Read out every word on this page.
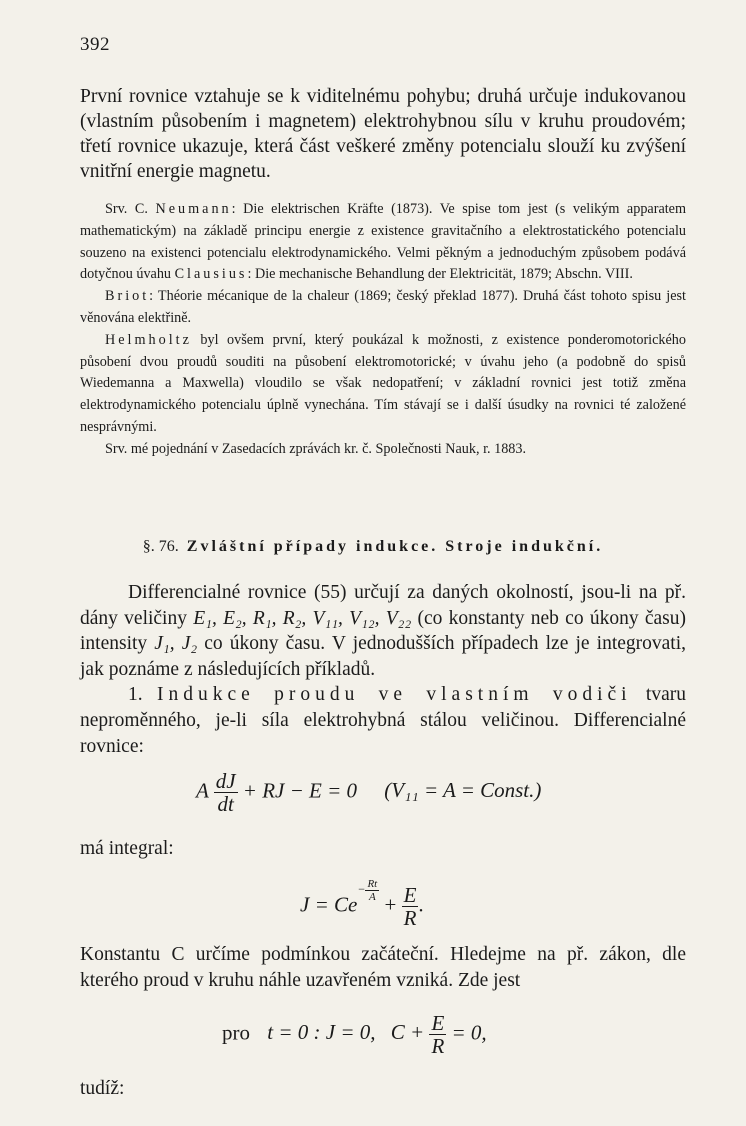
392

První rovnice vztahuje se k viditelnému pohybu; druhá určuje indukovanou (vlastním působením i magnetem) elektrohybnou sílu v kruhu proudovém; třetí rovnice ukazuje, která část veškeré změny potencialu slouží ku zvýšení vnitřní energie magnetu.

Srv. C. Neumann: Die elektrischen Kräfte (1873). Ve spise tom jest (s velikým apparatem mathematickým) na základě principu energie z existence gravitačního a elektrostatického potencialu souzeno na existenci potencialu elektrodynamického. Velmi pěkným a jednoduchým způsobem podává dotyčnou úvahu Clausius: Die mechanische Behandlung der Elektricität, 1879; Abschn. VIII.

Briot: Théorie mécanique de la chaleur (1869; český překlad 1877). Druhá část tohoto spisu jest věnována elektřině.

Helmholtz byl ovšem první, který poukázal k možnosti, z existence ponderomotorického působení dvou proudů souditi na působení elektromotorické; v úvahu jeho (a podobně do spisů Wiedemanna a Maxwella) vloudilo se však nedopatření; v základní rovnici jest totiž změna elektrodynamického potencialu úplně vynechána. Tím stávají se i další úsudky na rovnici té založené nesprávnými.

Srv. mé pojednání v Zasedacích zprávách kr. č. Společnosti Nauk, r. 1883.

§. 76. Zvláštní případy indukce. Stroje indukční.

Differencialné rovnice (55) určují za daných okolností, jsou-li na př. dány veličiny E₁, E₂, R₁, R₂, V₁₁, V₁₂, V₂₂ (co konstanty neb co úkony času) intensity J₁, J₂ co úkony času. V jednodušších případech lze je integrovati, jak poznáme z následujících příkladů.

1. Indukce proudu ve vlastním vodiči tvaru neproměnného, je-li síla elektrohybná stálou veličinou. Differencialné rovnice:

A $\frac{dJ}{dt}$ + RJ − E = 0 (V₁₁ = A = Const.)

má integral:

$J = Ce^{- \frac{Rt}{A}}$
+ $\frac{E}{R}$ .

Konstantu C určíme podmínkou začáteční. Hledejme na př. zákon, dle kterého proud v kruhu náhle uzavřeném vzniká. Zde jest

pro t = 0 : J = 0, $C + \frac{E}{R} = 0$,

tudíž:
